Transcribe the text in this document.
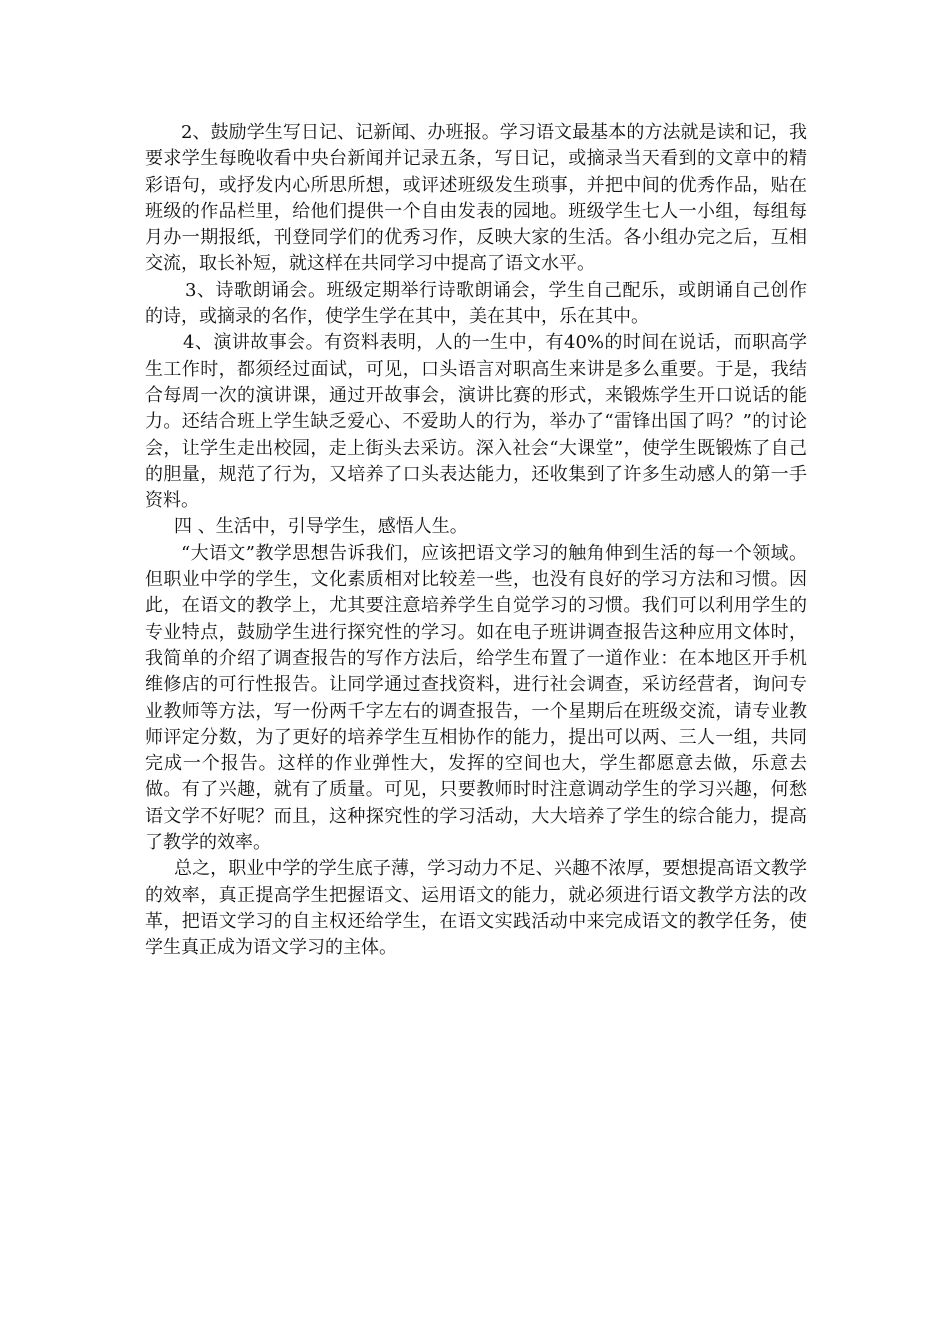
2、鼓励学生写日记、记新闻、办班报。学习语文最基本的方法就是读和记，我要求学生每晚收看中央台新闻并记录五条，写日记，或摘录当天看到的文章中的精彩语句，或抒发内心所思所想，或评述班级发生琐事，并把中间的优秀作品，贴在班级的作品栏里，给他们提供一个自由发表的园地。班级学生七人一小组，每组每月办一期报纸，刊登同学们的优秀习作，反映大家的生活。各小组办完之后，互相交流，取长补短，就这样在共同学习中提高了语文水平。

3、诗歌朗诵会。班级定期举行诗歌朗诵会，学生自己配乐，或朗诵自己创作的诗，或摘录的名作，使学生学在其中，美在其中，乐在其中。

4、演讲故事会。有资料表明，人的一生中，有40%的时间在说话，而职高学生工作时，都须经过面试，可见，口头语言对职高生来讲是多么重要。于是，我结合每周一次的演讲课，通过开故事会，演讲比赛的形式，来锻炼学生开口说话的能力。还结合班上学生缺乏爱心、不爱助人的行为，举办了“雷锋出国了吗？”的讨论会，让学生走出校园，走上街头去采访。深入社会“大课堂”，使学生既锻炼了自己的胆量，规范了行为，又培养了口头表达能力，还收集到了许多生动感人的第一手资料。

四 、生活中，引导学生，感悟人生。

“大语文”教学思想告诉我们，应该把语文学习的触角伸到生活的每一个领域。但职业中学的学生，文化素质相对比较差一些，也没有良好的学习方法和习惯。因此，在语文的教学上，尤其要注意培养学生自觉学习的习惯。我们可以利用学生的专业特点，鼓励学生进行探究性的学习。如在电子班讲调查报告这种应用文体时，我简单的介绍了调查报告的写作方法后，给学生布置了一道作业：在本地区开手机维修店的可行性报告。让同学通过查找资料，进行社会调查，采访经营者，询问专业教师等方法，写一份两千字左右的调查报告，一个星期后在班级交流，请专业教师评定分数，为了更好的培养学生互相协作的能力，提出可以两、三人一组，共同完成一个报告。这样的作业弹性大，发挥的空间也大，学生都愿意去做，乐意去做。有了兴趣，就有了质量。可见，只要教师时时注意调动学生的学习兴趣，何愁语文学不好呢？而且，这种探究性的学习活动，大大培养了学生的综合能力，提高了教学的效率。

总之，职业中学的学生底子薄，学习动力不足、兴趣不浓厚，要想提高语文教学的效率，真正提高学生把握语文、运用语文的能力，就必须进行语文教学方法的改革，把语文学习的自主权还给学生，在语文实践活动中来完成语文的教学任务，使学生真正成为语文学习的主体。
